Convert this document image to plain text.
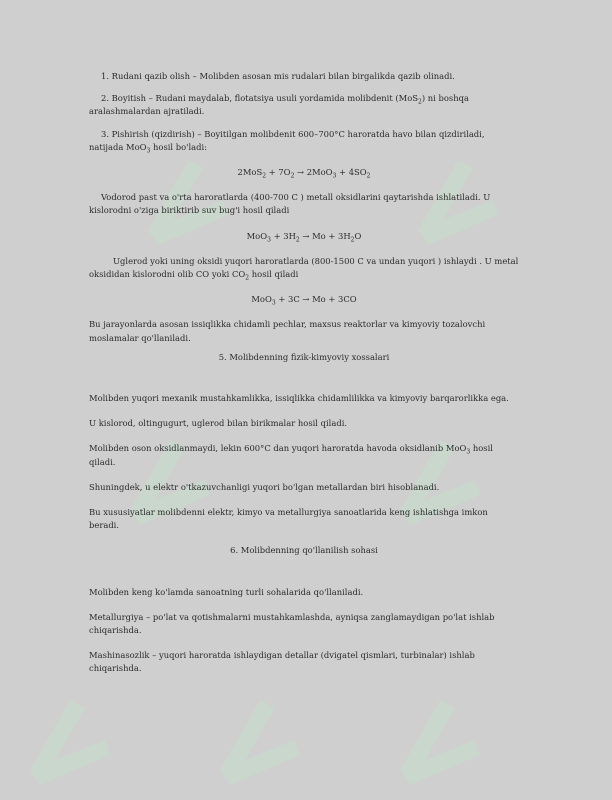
1. Rudani qazib olish – Molibden asosan mis rudalari bilan birgalikda qazib olinadi.

2. Boyitish – Rudani maydalab, flotatsiya usuli yordamida molibdenit (MoS$_2$) ni boshqa aralashmalardan ajratiladi.

3. Pishirish (qizdirish) – Boyitilgan molibdenit 600–700°C haroratda havo bilan qizdiriladi, natijada MoO$_3$ hosil bo'ladi:

$2MoS_2 + 7O_2 \to 2MoO_3 + 4SO_2$

Vodorod past va o'rta haroratlarda (400-700 C ) metall oksidlarini qaytarishda ishlatiladi. U kislorodni o'ziga biriktirib suv bug'i hosil qiladi

$MoO_3 + 3H_2 \to Mo + 3H_2O$

Uglerod yoki uning oksidi yuqori haroratlarda (800-1500 C va undan yuqori ) ishlaydi . U metal oksididan kislorodni olib CO yoki $CO_2$ hosil qiladi

MoO$_3$ + 3C → Mo + 3CO

Bu jarayonlarda asosan issiqlikka chidamli pechlar, maxsus reaktorlar va kimyoviy tozalovchi moslamalar qo'llaniladi.

5. Molibdenning fizik-kimyoviy xossalari

Molibden yuqori mexanik mustahkamlikka, issiqlikka chidamlilikka va kimyoviy barqarorlikka ega.

U kislorod, oltingugurt, uglerod bilan birikmalar hosil qiladi.

Molibden oson oksidlanmaydi, lekin 600°C dan yuqori haroratda havoda oksidlanib MoO$_3$ hosil qiladi.

Shuningdek, u elektr o'tkazuvchanligi yuqori bo'lgan metallardan biri hisoblanadi.

Bu xususiyatlar molibdenni elektr, kimyo va metallurgiya sanoatlarida keng ishlatishga imkon beradi.

6. Molibdenning qo'llanilish sohasi

Molibden keng ko'lamda sanoatning turli sohalarida qo'llaniladi.

Metallurgiya – po'lat va qotishmalarni mustahkamlashda, ayniqsa zanglamaydigan po'lat ishlab chiqarishda.

Mashinasozlik – yuqori haroratda ishlaydigan detallar (dvigatel qismlari, turbinalar) ishlab chiqarishda.
